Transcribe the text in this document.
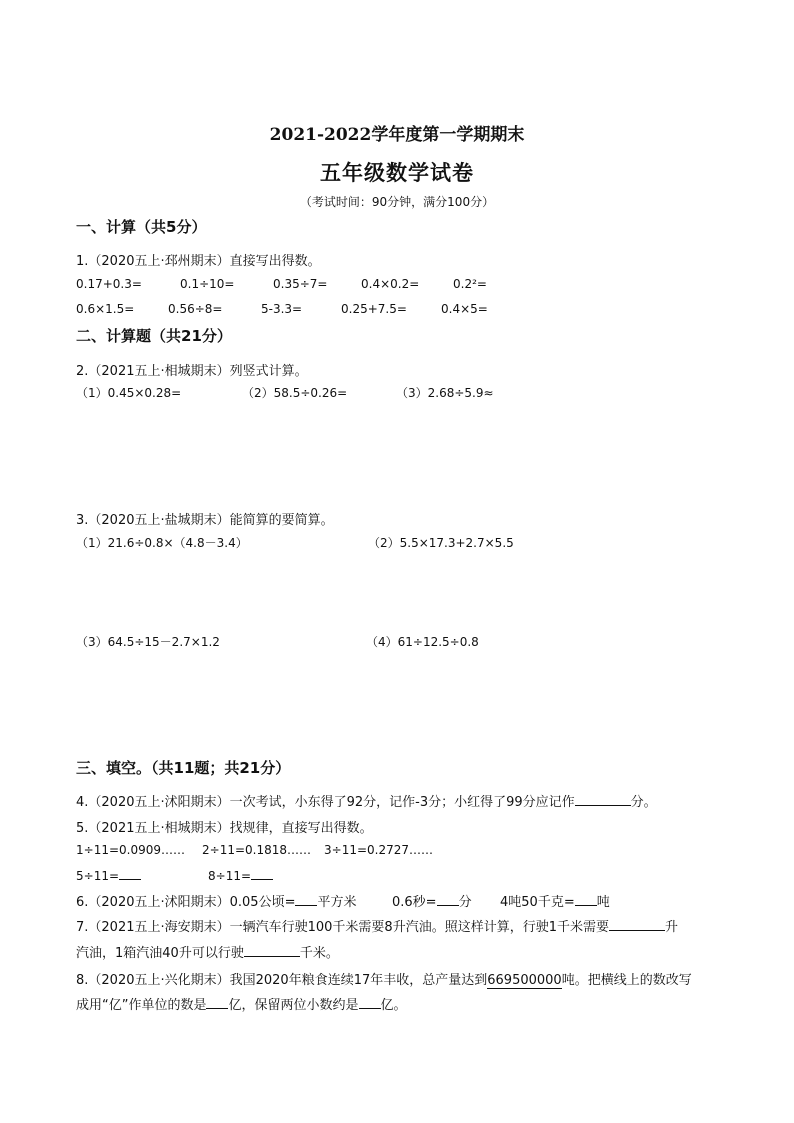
2021-2022学年度第一学期期末
五年级数学试卷
（考试时间：90分钟，满分100分）
一、计算（共5分）
1.（2020五上·邳州期末）直接写出得数。
0.17+0.3=	0.1÷10=	0.35÷7=	0.4×0.2=	0.2²=
0.6×1.5=	0.56÷8=	5-3.3=	0.25+7.5=	0.4×5=
二、计算题（共21分）
2.（2021五上·相城期末）列竖式计算。
（1）0.45×0.28=	（2）58.5÷0.26=	（3）2.68÷5.9≈
3.（2020五上·盐城期末）能简算的要简算。
（1）21.6÷0.8×（4.8－3.4）	（2）5.5×17.3+2.7×5.5
（3）64.5÷15－2.7×1.2	（4）61÷12.5÷0.8
三、填空。（共11题；共21分）
4.（2020五上·沭阳期末）一次考试，小东得了92分，记作-3分；小红得了99分应记作	分。
5.（2021五上·相城期末）找规律，直接写出得数。
1÷11=0.0909…… 2÷11=0.1818…… 3÷11=0.2727……
5÷11=	8÷11=
6.（2020五上·沭阳期末）0.05公顷= 平方米	0.6秒= 分 4吨50千克= 吨
7.（2021五上·海安期末）一辆汽车行驶100千米需要8升汽油。照这样计算，行驶1千米需要	升
汽油，1箱汽油40升可以行驶	千米。
8.（2020五上·兴化期末）我国2020年粮食连续17年丰收，总产量达到669500000吨。把横线上的数改写
成用“亿”作单位的数是 亿，保留两位小数约是 亿。
